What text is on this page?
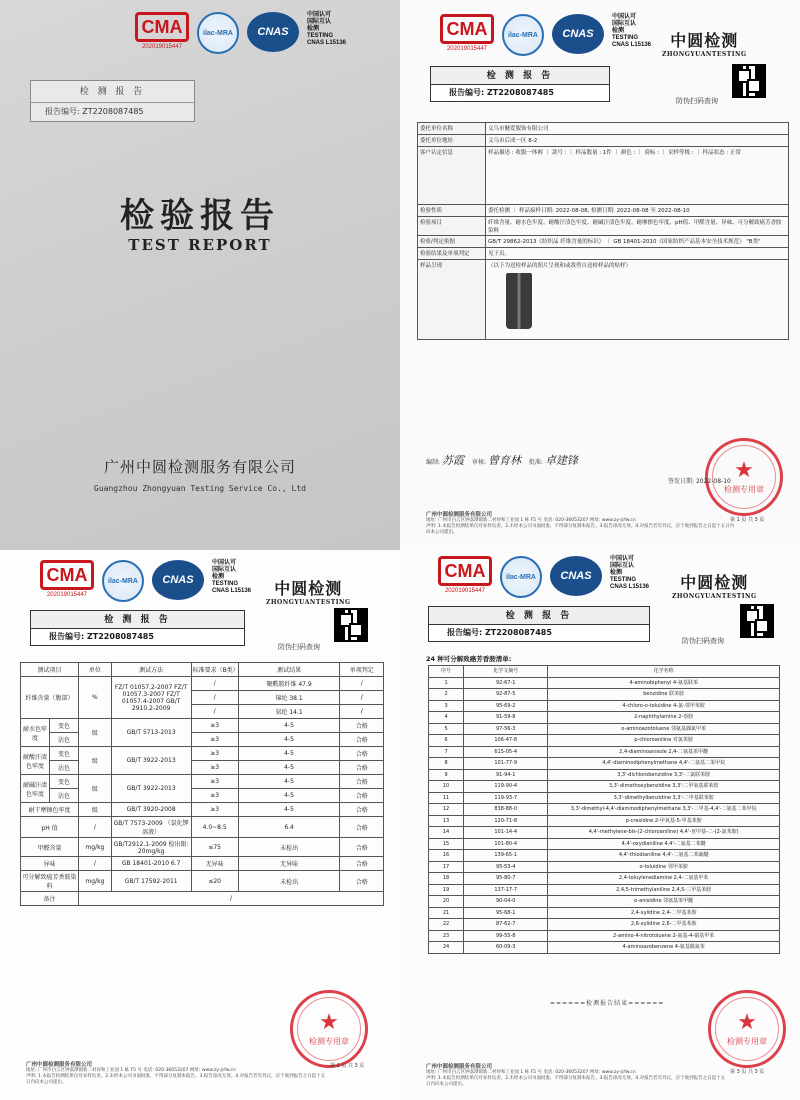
CMA
202019015447
ilac-MRA	CNAS
中国认可
国际互认
检测
TESTING
CNAS L15136
检 测 报 告
报告编号: ZT2208087485
检验报告
TEST REPORT
广州中圆检测服务有限公司
Guangzhou Zhongyuan Testing Service Co., Ltd
CMA
202019015447
ilac-MRA	CNAS
中国认可
国际互认
检测
TESTING
CNAS L15136	中圆检测
ZHONGYUANTESTING
检 测 报 告
报告编号: ZT2208087485
防伪扫码查询
委托单位名称	义乌市魅爱服饰有限公司
委托单位地址	义乌市后成一区 8-2
客户认定信息	样品描述 : 收腹一体裤 ｜ 款号 : ｜ 样品数量 : 1件 ｜ 颜色 : ｜ 商标 : ｜ 采样等级 : ｜ 样品状态 : 正常
检验性质	委托检测 ｜ 样品接样日期: 2022-08-08, 检测日期: 2022-08-08 至 2022-08-10
检验项目	纤维含量、耐水色牢度、耐酸汗渍色牢度、耐碱汗渍色牢度、耐摩擦色牢度、pH值、甲醛含量、异味、可分解致癌芳香胺染料
检验/判定依据	GB/T 29862-2013《纺织品 纤维含量的标识》 ｜ GB 18401-2010《国家纺织产品基本安全技术规范》 "B类"
检验结果及单项判定	见下页。
样品呈现	（以下为送检样品的照片呈现和或裁剪自送检样品的贴样）
编制: 苏霞 审核: 曾育林 批准: 卓建锋	★
检测专用章
签发日期: 2022-08-10
广州中圆检测服务有限公司
地址: 广州市白云区钟落潭镇新二村祥和工业园 1 栋 F5 号 电话: 020-36053207 网址: www.zy-jcfw.cn
声明: 1.本报告检测结果仅对来样负责。2.未经本公司书面批准，不得部分复制本报告。3.报告涂改无效。4.对报告若有异议，应于收到报告之日起十五日内向本公司提出。
第 1 页 共 3 页
CMA
202019015447
ilac-MRA	CNAS
中国认可
国际互认
检测
TESTING
CNAS L15136	中圆检测
ZHONGYUANTESTING
检 测 报 告
报告编号: ZT2208087485
防伪扫码查询
测试项目		单位	测试方法	标准要求（B类）	测试结果	单项判定
纤维含量（腹部）		%	FZ/T 01057.2-2007 FZ/T 01057.3-2007 FZ/T 01057.4-2007 GB/T 2910.2-2009	/	聚酰胺纤维 47.9	/
				/	锦纶 38.1	/
				/	氨纶 14.1	/
耐水色牢度	变色	级	GB/T 5713-2013	≥3	4-5	合格
	沾色			≥3	4-5	合格
耐酸汗渍色牢度	变色	级	GB/T 3922-2013	≥3	4-5	合格
	沾色			≥3	4-5	合格
耐碱汗渍色牢度	变色	级	GB/T 3922-2013	≥3	4-5	合格
	沾色			≥3	4-5	合格
耐干摩擦色牢度		级	GB/T 3920-2008	≥3	4-5	合格
pH 值		/	GB/T 7573-2009 （氯化钾溶液）	4.0~8.5	6.4	合格
甲醛含量		mg/kg	GB/T2912.1-2009 检出限: 20mg/kg	≤75	未检出	合格
异味		/	GB 18401-2010 6.7	无异味	无异味	合格
可分解致癌芳香胺染料		mg/kg	GB/T 17592-2011	≤20	未检出	合格
备注		/				
★
检测专用章
广州中圆检测服务有限公司
地址: 广州市白云区钟落潭镇新二村祥和工业园 1 栋 F5 号 电话: 020-36053207 网址: www.zy-jcfw.cn
声明: 1.本报告检测结果仅对来样负责。2.未经本公司书面批准，不得部分复制本报告。3.报告涂改无效。4.对报告若有异议，应于收到报告之日起十五日内向本公司提出。
第 2 页 共 3 页
CMA
202019015447
ilac-MRA	CNAS
中国认可
国际互认
检测
TESTING
CNAS L15136	中圆检测
ZHONGYUANTESTING
检 测 报 告
报告编号: ZT2208087485
防伪扫码查询
24 种可分解致癌芳香胺清单:
序号	化学文摘号	化学名称
1	92-67-1	4-aminobiphenyl 4-氨基联苯
2	92-87-5	benzidine 联苯胺
3	95-69-2	4-chloro-o-toluidine 4-氯-邻甲苯胺
4	91-59-8	2-naphthylamine 2-萘胺
5	97-56-3	o-aminoazotoluene 邻氨基偶氮甲苯
6	106-47-8	p-chloroaniline 对氯苯胺
7	615-05-4	2,4-diaminoanisole 2,4-二氨基苯甲醚
8	101-77-9	4,4'-diaminodiphenylmethane 4,4'-二氨基二苯甲烷
9	91-94-1	3,3'-dichlorobenzidine 3,3'-二氯联苯胺
10	119-90-4	3,3'-dimethoxybenzidine 3,3'-二甲氧基联苯胺
11	119-93-7	3,3'-dimethylbenzidine 3,3'-二甲基联苯胺
12	838-88-0	3,3'-dimethyl-4,4'-diaminodiphenylmethane 3,3'-二甲基-4,4'-二氨基二苯甲烷
13	120-71-8	p-cresidine 2-甲氧基-5-甲基苯胺
14	101-14-4	4,4'-methylene-bis-(2-chloroaniline) 4,4'-亚甲基-二-(2-氯苯胺)
15	101-80-4	4,4'-oxydianiline 4,4'-二氨基二苯醚
16	139-65-1	4,4'-thiodianiline 4,4'-二氨基二苯硫醚
17	95-53-4	o-toluidine 邻甲苯胺
18	95-80-7	2,4-toluylenediamine 2,4-二氨基甲苯
19	137-17-7	2,4,5-trimethylaniline 2,4,5-三甲基苯胺
20	90-04-0	o-anisidine 邻氨基苯甲醚
21	95-68-1	2,4-xylidine 2,4-二甲基苯胺
22	87-62-7	2,6-xylidine 2,6-二甲基苯胺
23	99-55-8	2-amino-4-nitrotoluene 2-氨基-4-硝基甲苯
24	60-09-3	4-aminoazobenzene 4-氨基偶氮苯
======检测报告结束======
★
检测专用章
广州中圆检测服务有限公司
地址: 广州市白云区钟落潭镇新二村祥和工业园 1 栋 F5 号 电话: 020-36053207 网址: www.zy-jcfw.cn
声明: 1.本报告检测结果仅对来样负责。2.未经本公司书面批准，不得部分复制本报告。3.报告涂改无效。4.对报告若有异议，应于收到报告之日起十五日内向本公司提出。
第 3 页 共 3 页
